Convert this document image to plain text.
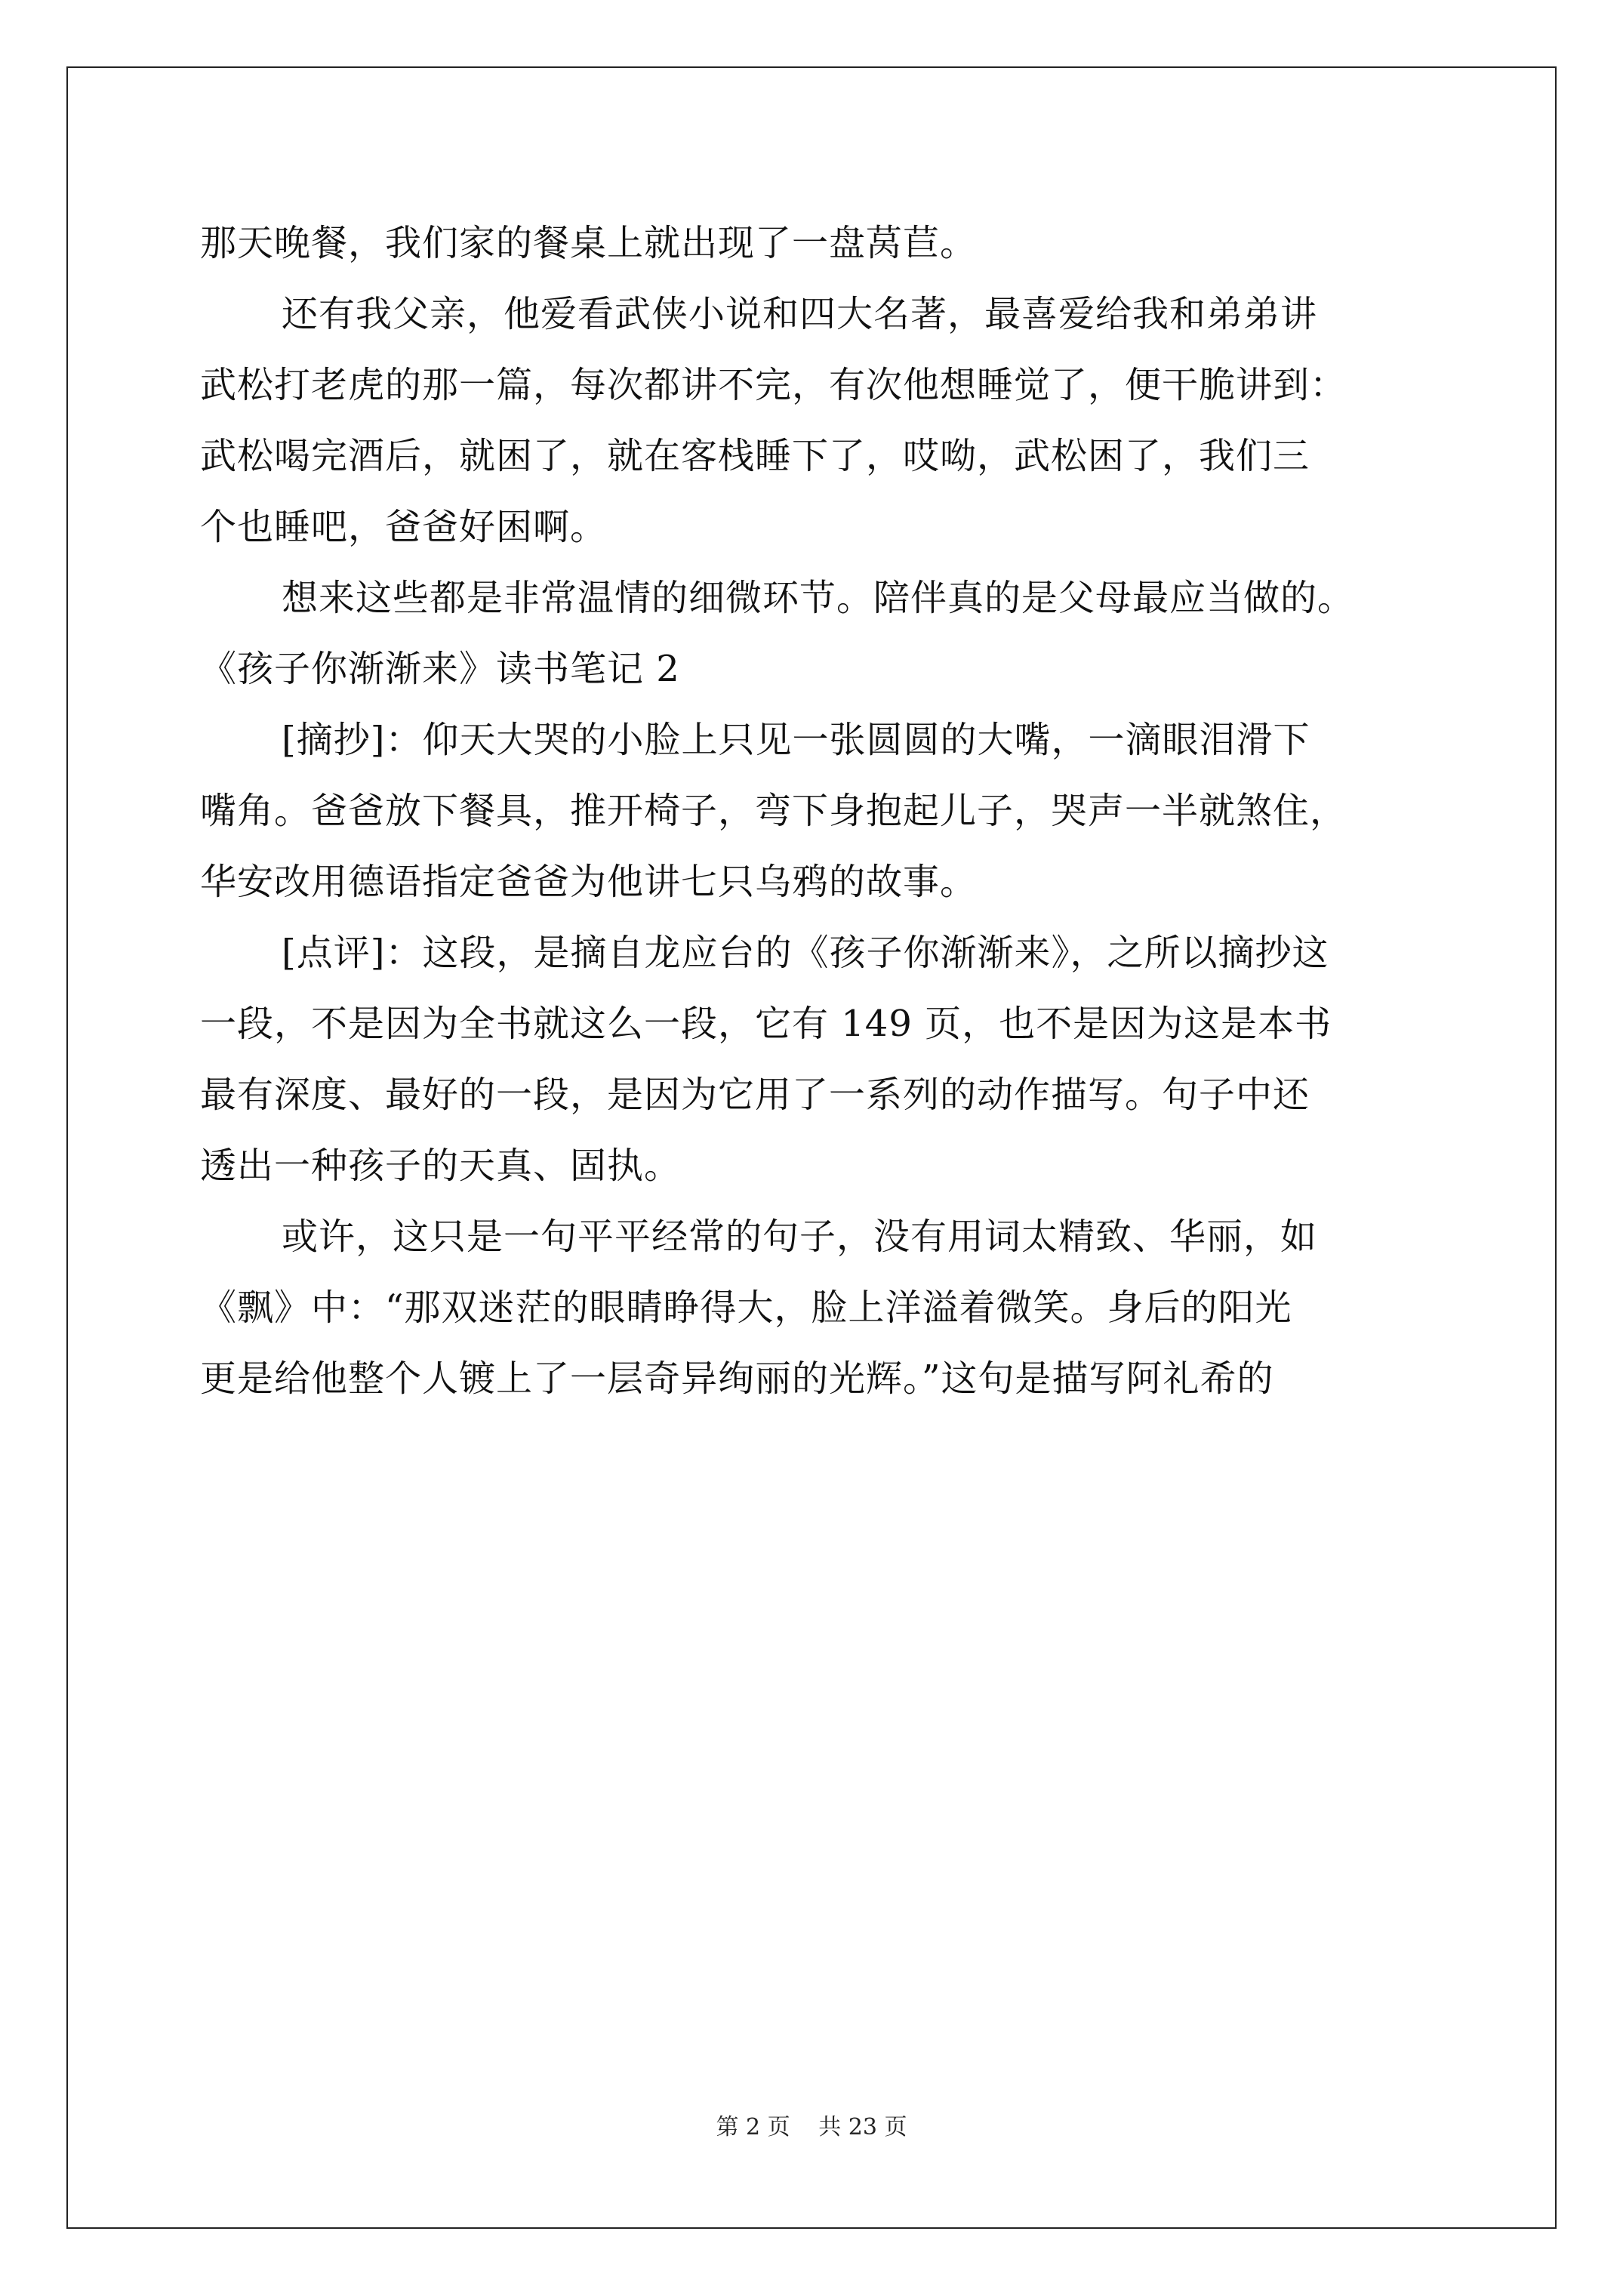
那天晚餐，我们家的餐桌上就出现了一盘莴苣。
还有我父亲，他爱看武侠小说和四大名著，最喜爱给我和弟弟讲
武松打老虎的那一篇，每次都讲不完，有次他想睡觉了，便干脆讲到：
武松喝完酒后，就困了，就在客栈睡下了，哎呦，武松困了，我们三
个也睡吧，爸爸好困啊。
想来这些都是非常温情的细微环节。陪伴真的是父母最应当做的。
《孩子你渐渐来》读书笔记 2
[摘抄]：仰天大哭的小脸上只见一张圆圆的大嘴，一滴眼泪滑下
嘴角。爸爸放下餐具，推开椅子，弯下身抱起儿子，哭声一半就煞住，
华安改用德语指定爸爸为他讲七只乌鸦的故事。
[点评]：这段，是摘自龙应台的《孩子你渐渐来》，之所以摘抄这
一段，不是因为全书就这么一段，它有 149 页，也不是因为这是本书
最有深度、最好的一段，是因为它用了一系列的动作描写。句子中还
透出一种孩子的天真、固执。
或许，这只是一句平平经常的句子，没有用词太精致、华丽，如
《飘》中：“那双迷茫的眼睛睁得大，脸上洋溢着微笑。身后的阳光
更是给他整个人镀上了一层奇异绚丽的光辉。”这句是描写阿礼希的
第 2 页 共 23 页
